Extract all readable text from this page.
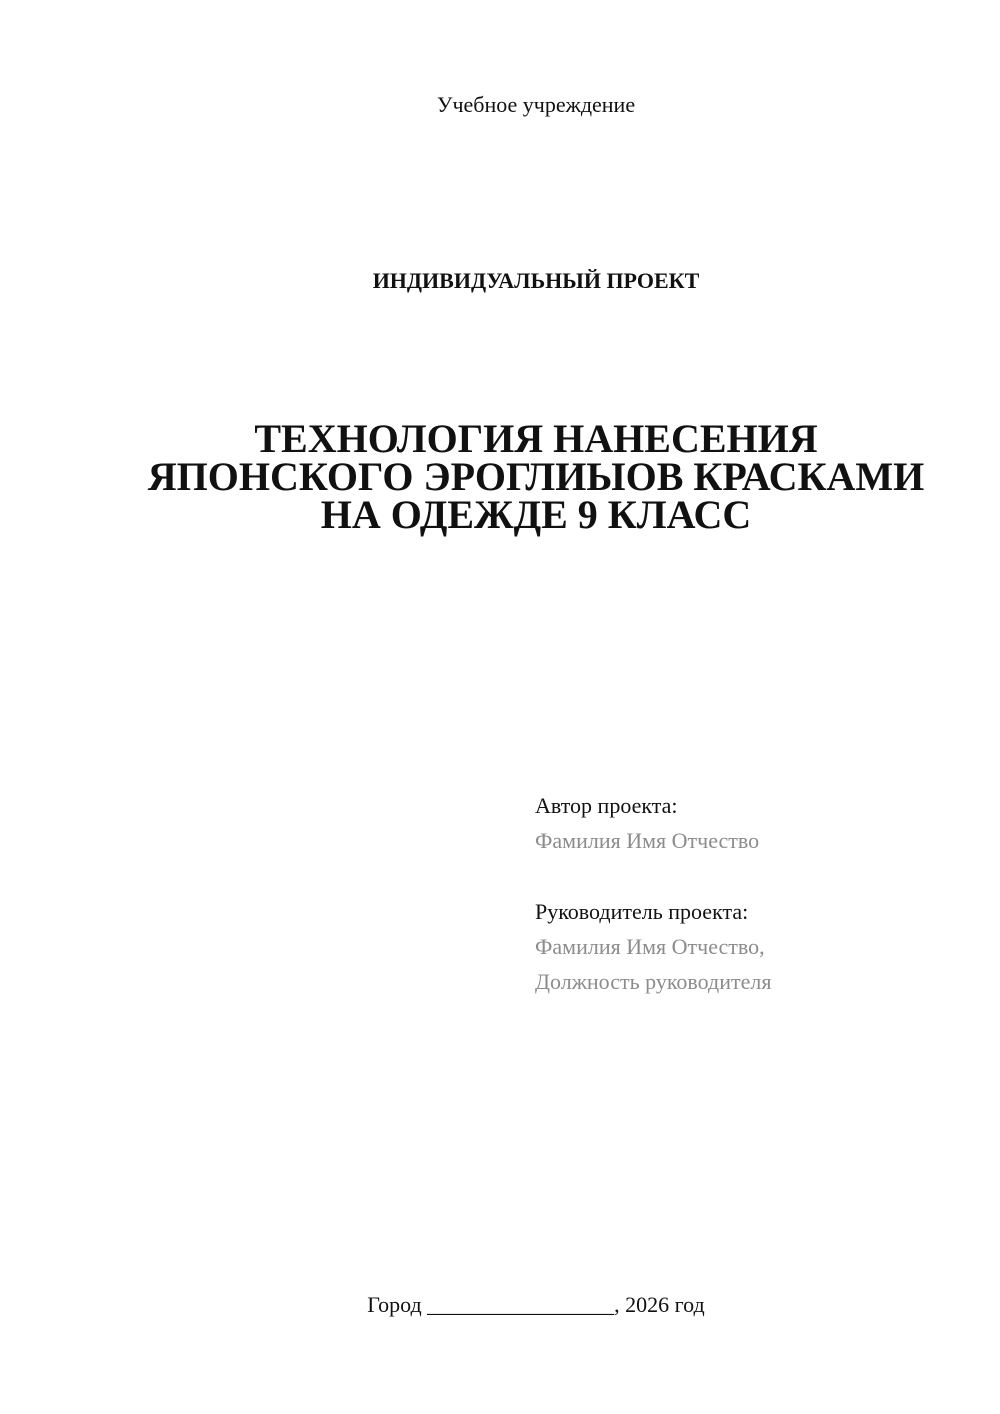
Учебное учреждение
ИНДИВИДУАЛЬНЫЙ ПРОЕКТ
ТЕХНОЛОГИЯ НАНЕСЕНИЯ
ЯПОНСКОГО ЭРОГЛИЫОВ КРАСКАМИ
НА ОДЕЖДЕ 9 КЛАСС
Автор проекта:
Фамилия Имя Отчество
Руководитель проекта:
Фамилия Имя Отчество,
Должность руководителя
Город _________________, 2026 год
